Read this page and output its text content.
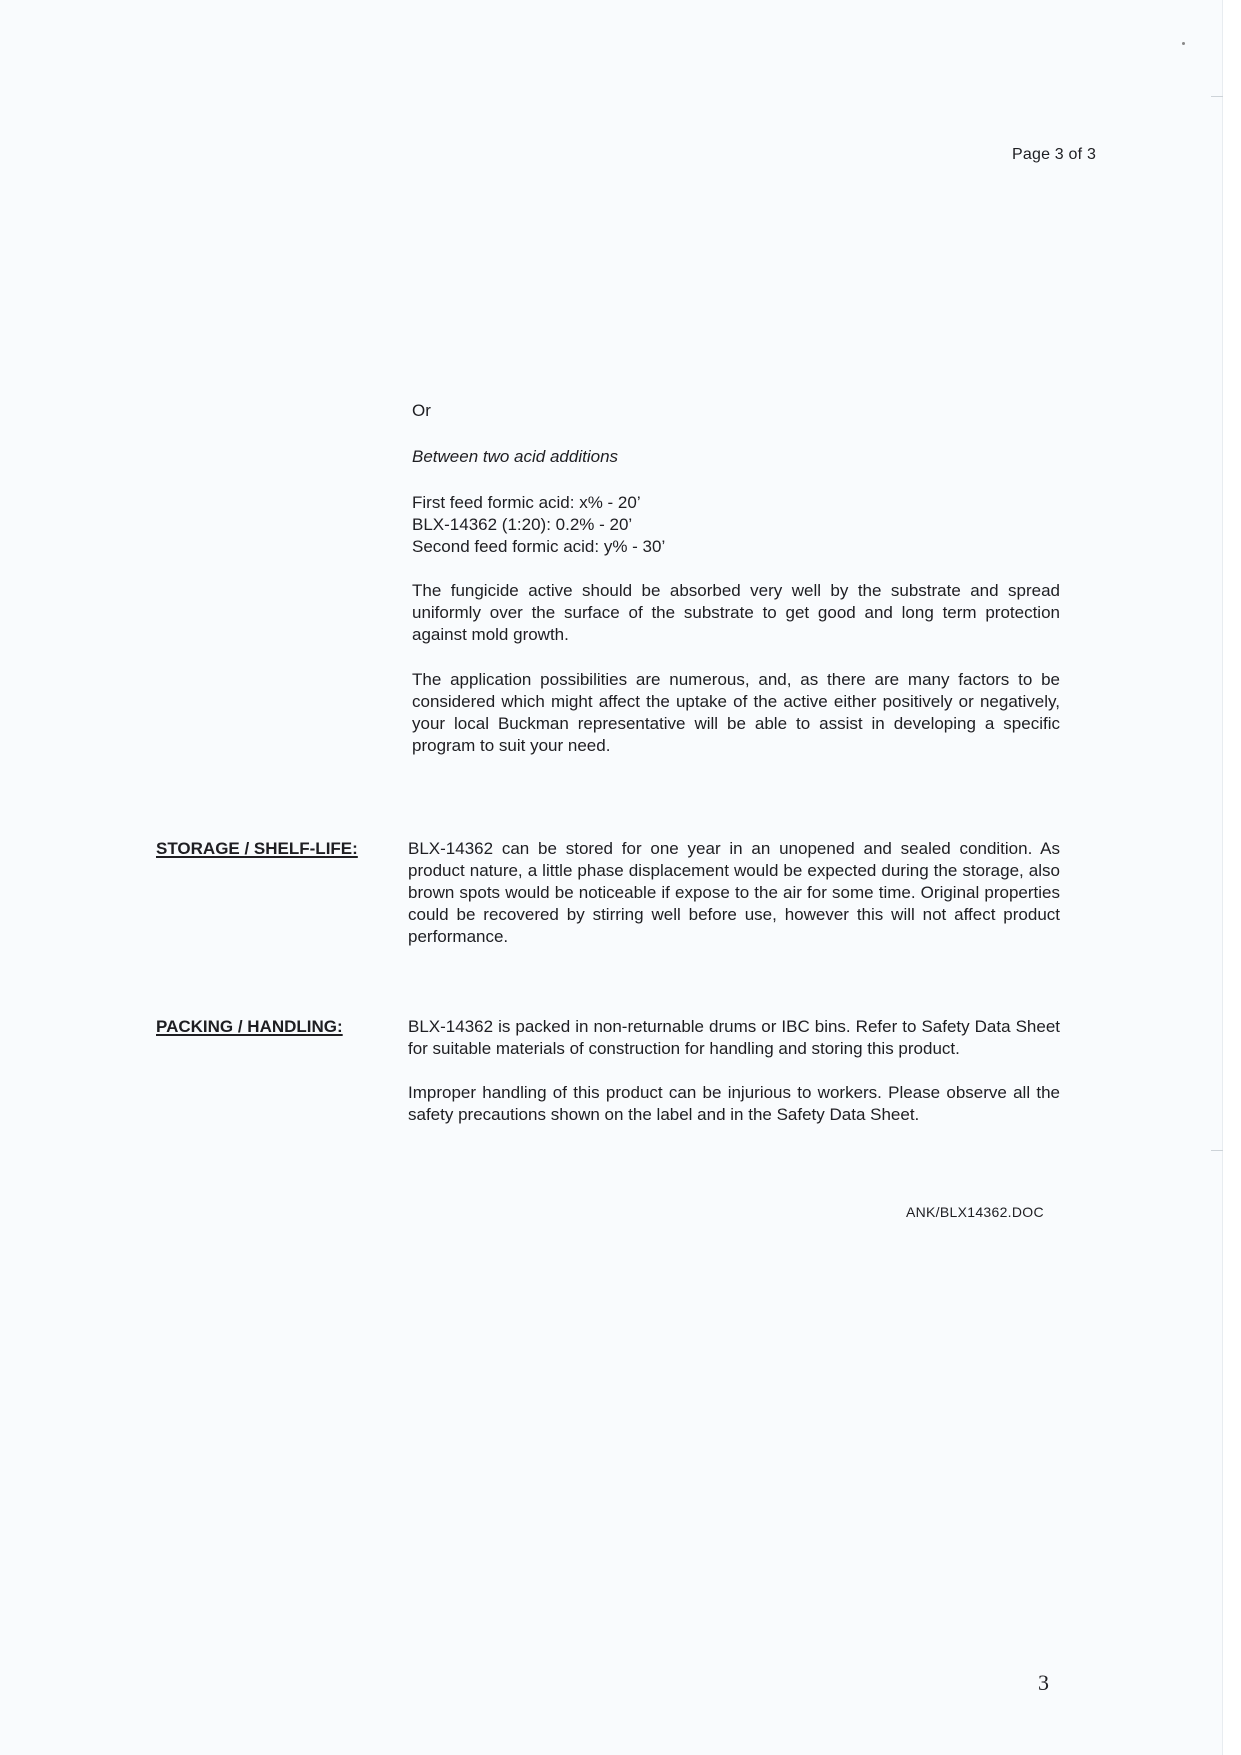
Page 3 of 3

Or

Between two acid additions

First feed formic acid: x% - 20’
BLX-14362 (1:20): 0.2% - 20’
Second feed formic acid: y% - 30’

The fungicide active should be absorbed very well by the substrate and spread uniformly over the surface of the substrate to get good and long term protection against mold growth.

The application possibilities are numerous, and, as there are many factors to be considered which might affect the uptake of the active either positively or negatively, your local Buckman representative will be able to assist in developing a specific program to suit your need.

STORAGE / SHELF-LIFE:	BLX-14362 can be stored for one year in an unopened and sealed condition. As product nature, a little phase displacement would be expected during the storage, also brown spots would be noticeable if expose to the air for some time. Original properties could be recovered by stirring well before use, however this will not affect product performance.

PACKING / HANDLING:	BLX-14362 is packed in non-returnable drums or IBC bins. Refer to Safety Data Sheet for suitable materials of construction for handling and storing this product.

Improper handling of this product can be injurious to workers. Please observe all the safety precautions shown on the label and in the Safety Data Sheet.

ANK/BLX14362.DOC
3
